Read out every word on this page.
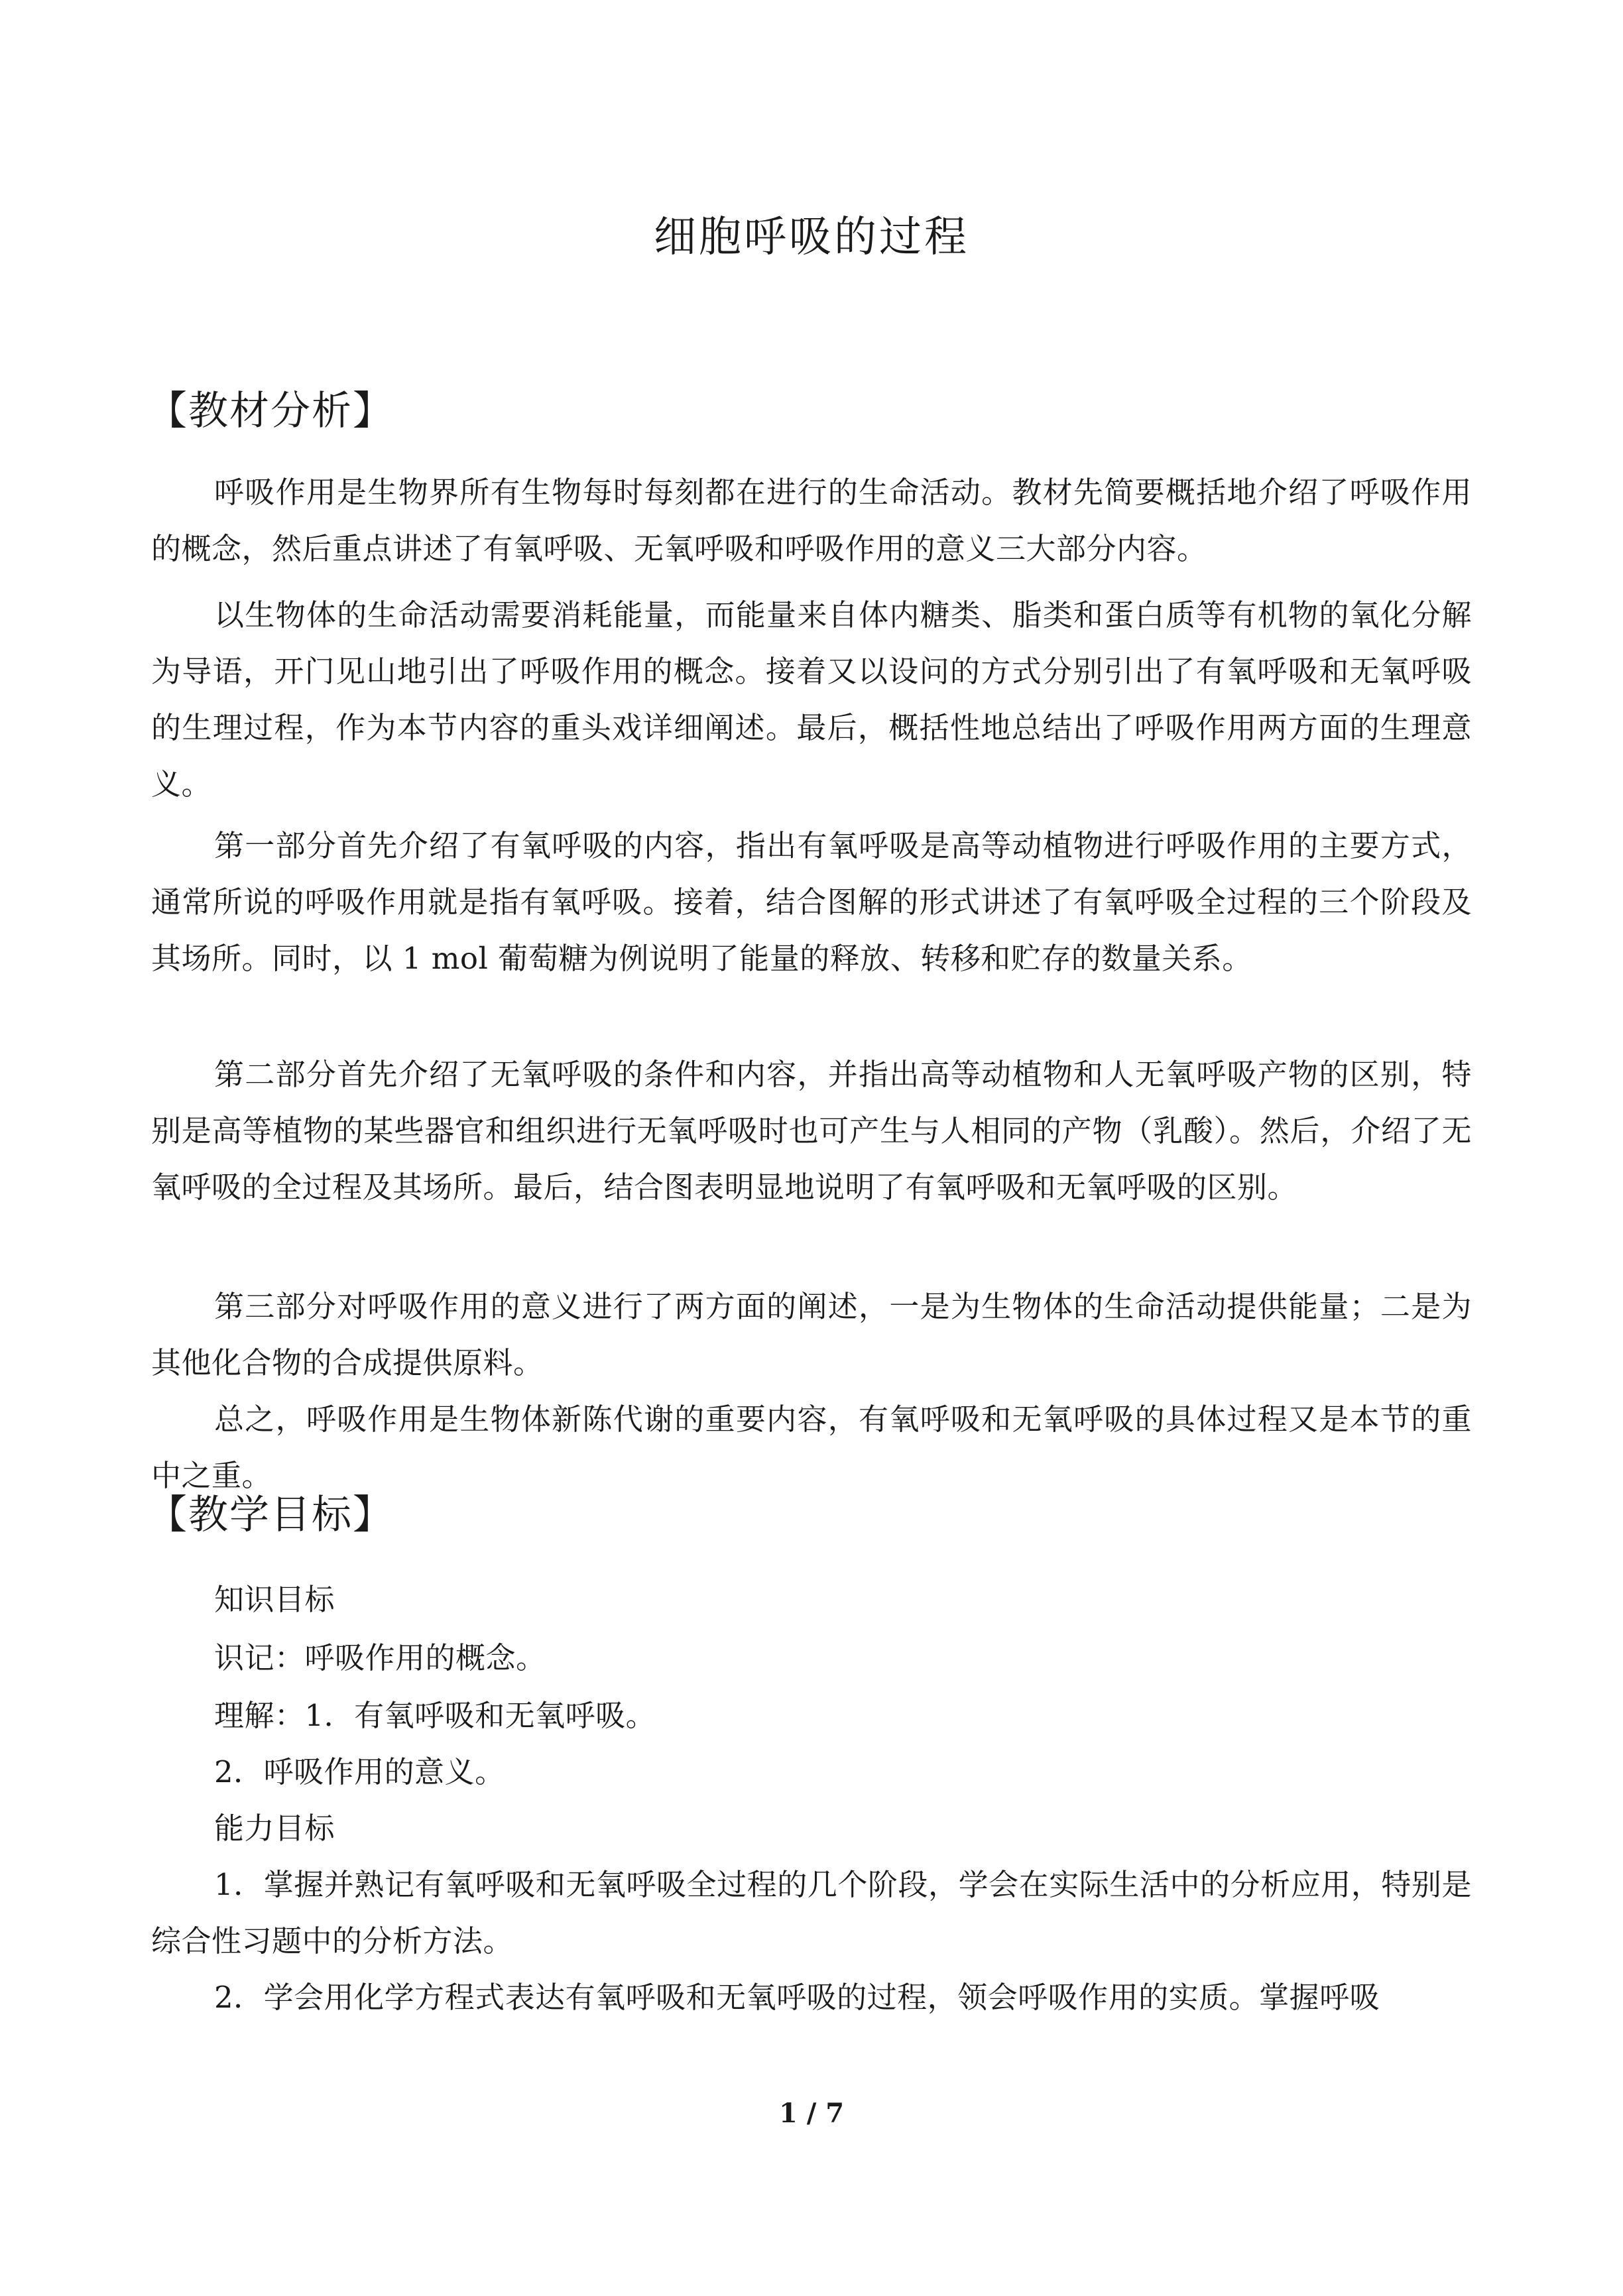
细胞呼吸的过程
【教材分析】
呼吸作用是生物界所有生物每时每刻都在进行的生命活动。教材先简要概括地介绍了呼吸作用的概念，然后重点讲述了有氧呼吸、无氧呼吸和呼吸作用的意义三大部分内容。
以生物体的生命活动需要消耗能量，而能量来自体内糖类、脂类和蛋白质等有机物的氧化分解为导语，开门见山地引出了呼吸作用的概念。接着又以设问的方式分别引出了有氧呼吸和无氧呼吸的生理过程，作为本节内容的重头戏详细阐述。最后，概括性地总结出了呼吸作用两方面的生理意义。
第一部分首先介绍了有氧呼吸的内容，指出有氧呼吸是高等动植物进行呼吸作用的主要方式，通常所说的呼吸作用就是指有氧呼吸。接着，结合图解的形式讲述了有氧呼吸全过程的三个阶段及其场所。同时，以 1 mol 葡萄糖为例说明了能量的释放、转移和贮存的数量关系。
第二部分首先介绍了无氧呼吸的条件和内容，并指出高等动植物和人无氧呼吸产物的区别，特别是高等植物的某些器官和组织进行无氧呼吸时也可产生与人相同的产物（乳酸）。然后，介绍了无氧呼吸的全过程及其场所。最后，结合图表明显地说明了有氧呼吸和无氧呼吸的区别。
第三部分对呼吸作用的意义进行了两方面的阐述，一是为生物体的生命活动提供能量；二是为其他化合物的合成提供原料。
总之，呼吸作用是生物体新陈代谢的重要内容，有氧呼吸和无氧呼吸的具体过程又是本节的重中之重。
【教学目标】
知识目标
识记：呼吸作用的概念。
理解：1．有氧呼吸和无氧呼吸。
2．呼吸作用的意义。
能力目标
1．掌握并熟记有氧呼吸和无氧呼吸全过程的几个阶段，学会在实际生活中的分析应用，特别是综合性习题中的分析方法。
2．学会用化学方程式表达有氧呼吸和无氧呼吸的过程，领会呼吸作用的实质。掌握呼吸
1 / 7
